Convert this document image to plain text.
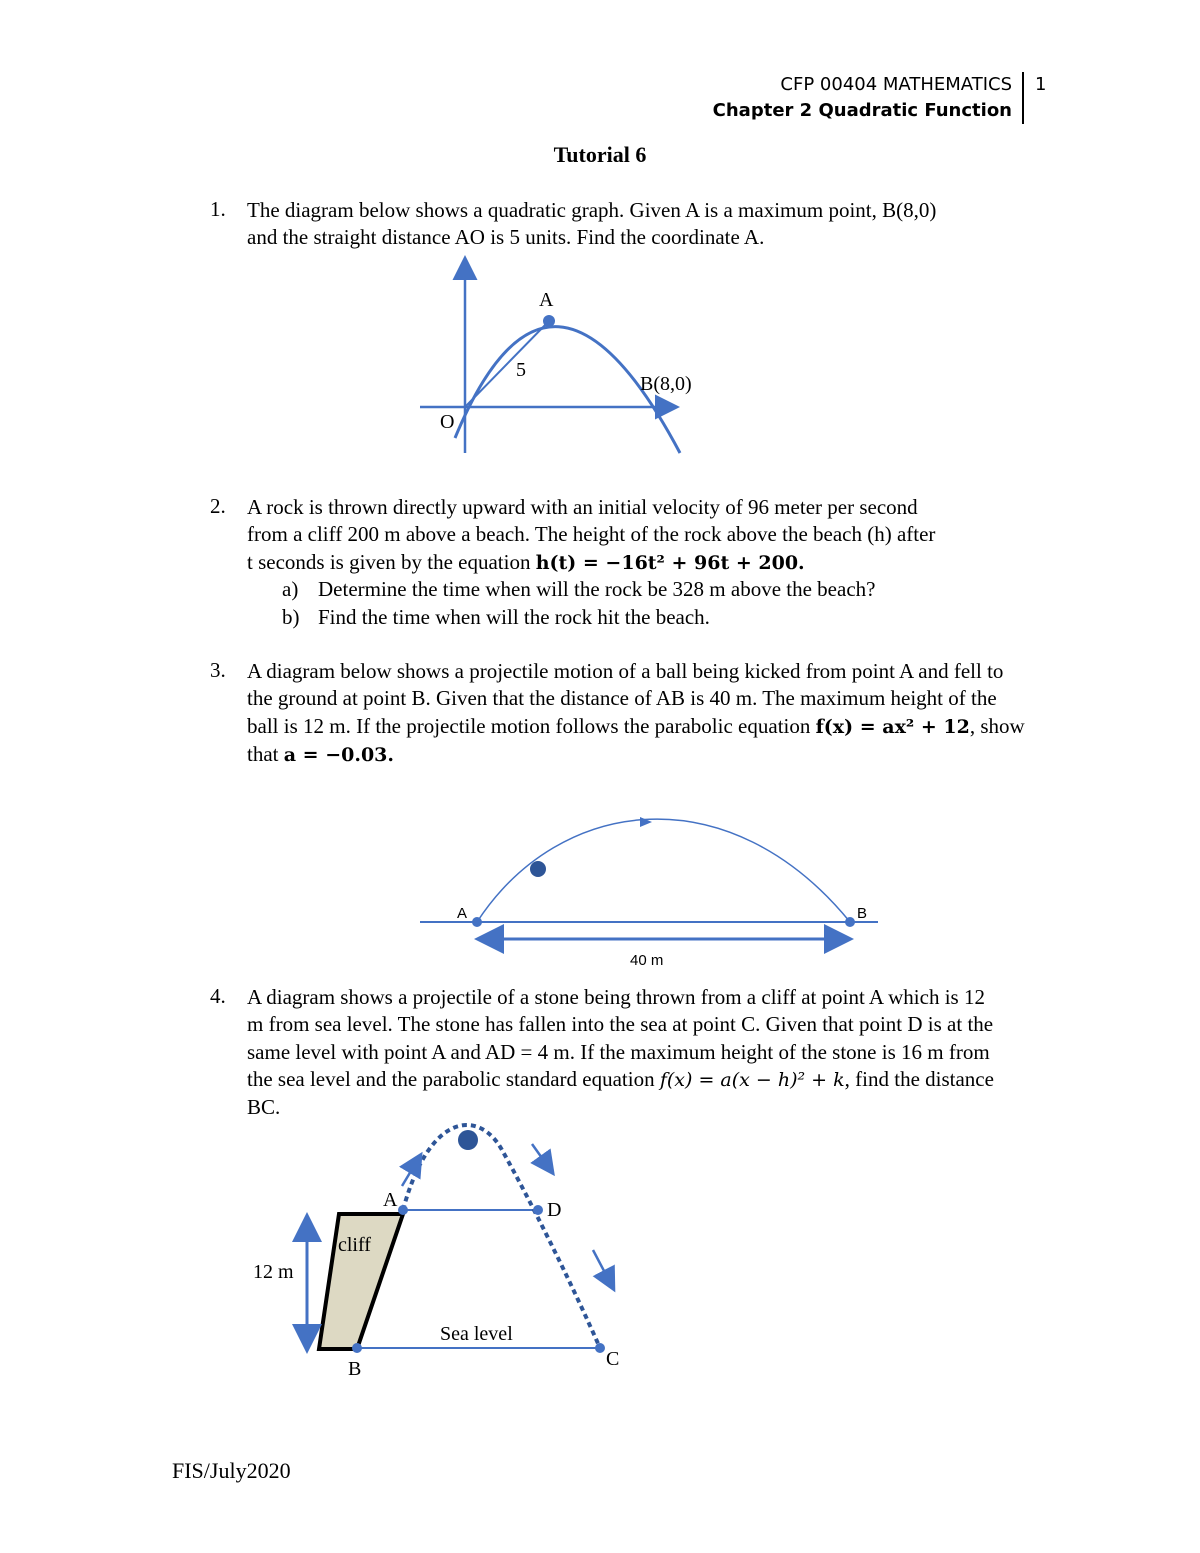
CFP 00404 MATHEMATICS 1
Chapter 2 Quadratic Function
Tutorial 6
1. The diagram below shows a quadratic graph. Given A is a maximum point, B(8,0)
and the straight distance AO is 5 units. Find the coordinate A.
A
5
B(8,0)
O
2. A rock is thrown directly upward with an initial velocity of 96 meter per second
from a cliff 200 m above a beach. The height of the rock above the beach (h) after
t seconds is given by the equation h(t) = −16t² + 96t + 200.
a) Determine the time when will the rock be 328 m above the beach?
b) Find the time when will the rock hit the beach.
3. A diagram below shows a projectile motion of a ball being kicked from point A and fell to
the ground at point B. Given that the distance of AB is 40 m. The maximum height of the
ball is 12 m. If the projectile motion follows the parabolic equation f(x) = ax² + 12, show
that a = −0.03.
A	B
40 m
4. A diagram shows a projectile of a stone being thrown from a cliff at point A which is 12
m from sea level. The stone has fallen into the sea at point C. Given that point D is at the
same level with point A and AD = 4 m. If the maximum height of the stone is 16 m from
the sea level and the parabolic standard equation f(x) = a(x − h)² + k, find the distance
BC.
A	D
B	C
cliff
12 m
Sea level
FIS/July2020
